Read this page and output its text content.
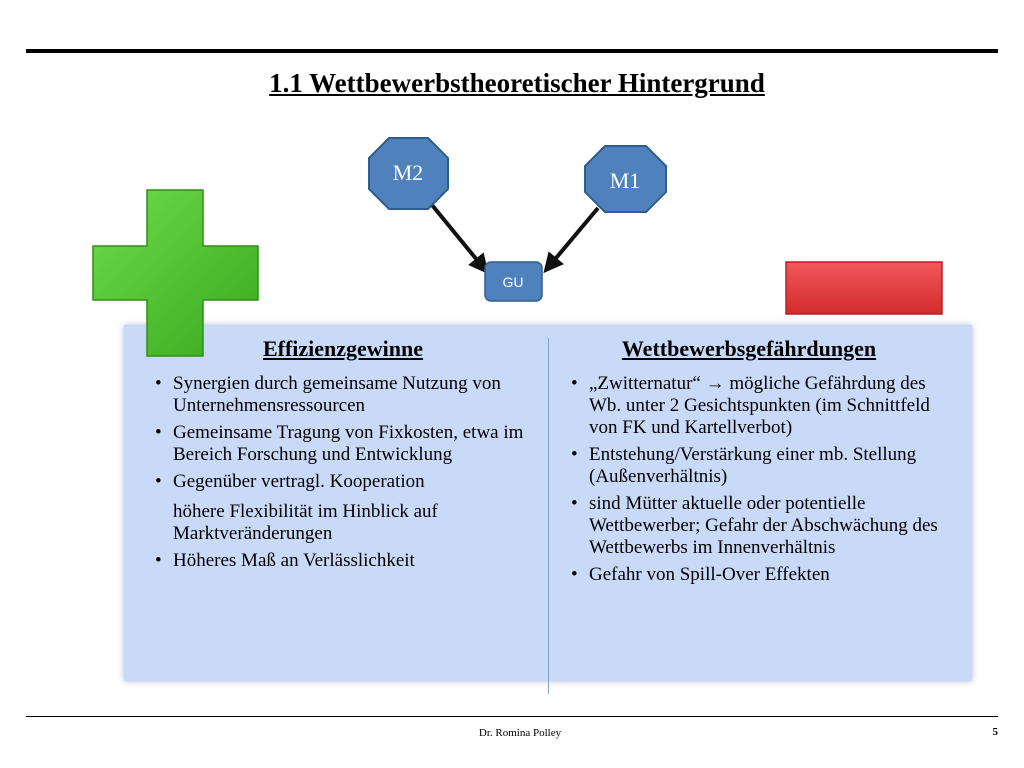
1.1 Wettbewerbstheoretischer Hintergrund
M2	M1
GU
Effizienzgewinne
• Synergien durch gemeinsame Nutzung von Unternehmensressourcen
• Gemeinsame Tragung von Fixkosten, etwa im Bereich Forschung und Entwicklung
• Gegenüber vertragl. Kooperation
höhere Flexibilität im Hinblick auf Marktveränderungen
• Höheres Maß an Verlässlichkeit
Wettbewerbsgefährdungen
• „Zwitternatur“ → mögliche Gefährdung des Wb. unter 2 Gesichtspunkten (im Schnittfeld von FK und Kartellverbot)
• Entstehung/Verstärkung einer mb. Stellung (Außenverhältnis)
• sind Mütter aktuelle oder potentielle Wettbewerber; Gefahr der Abschwächung des Wettbewerbs im Innenverhältnis
• Gefahr von Spill-Over Effekten
Dr. Romina Polley	5
